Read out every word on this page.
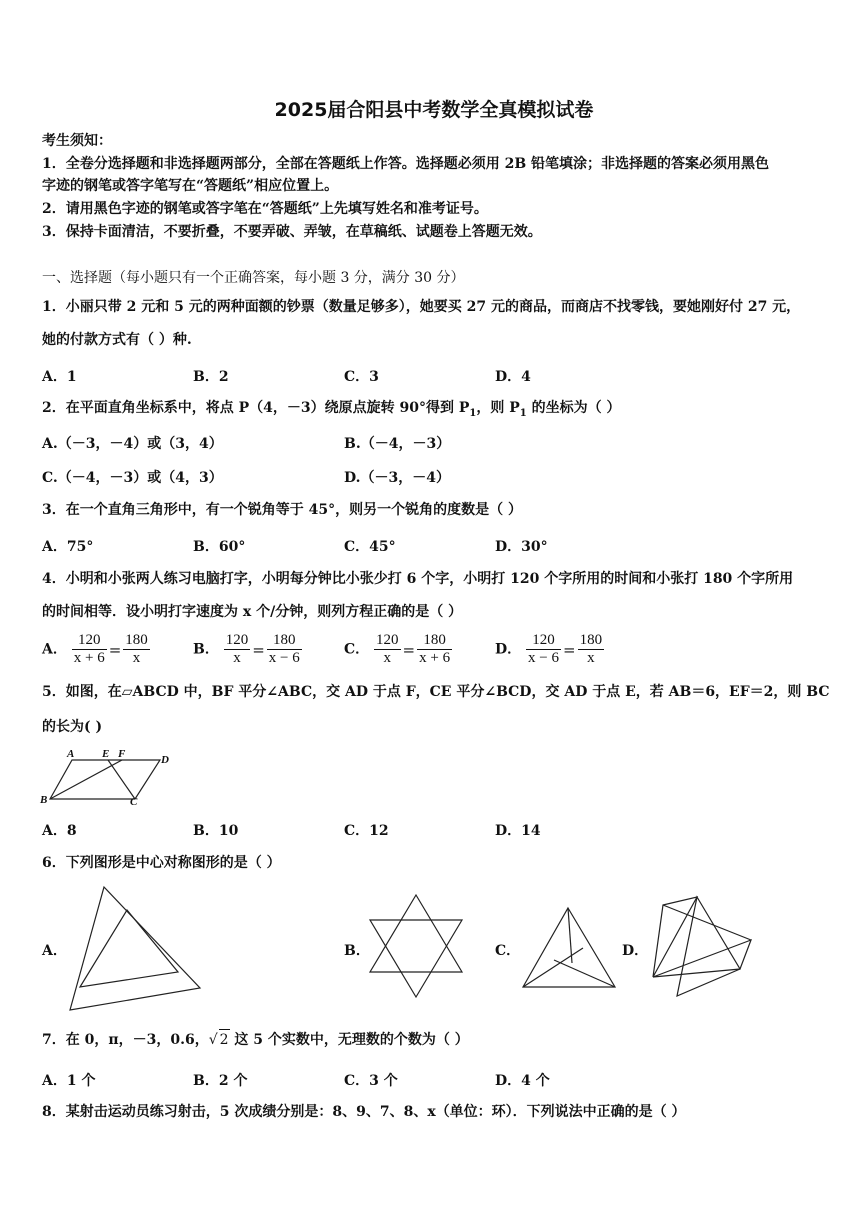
2025届合阳县中考数学全真模拟试卷
考生须知：
1．全卷分选择题和非选择题两部分，全部在答题纸上作答。选择题必须用 2B 铅笔填涂；非选择题的答案必须用黑色
字迹的钢笔或答字笔写在“答题纸”相应位置上。
2．请用黑色字迹的钢笔或答字笔在“答题纸”上先填写姓名和准考证号。
3．保持卡面清洁，不要折叠，不要弄破、弄皱，在草稿纸、试题卷上答题无效。
一、选择题（每小题只有一个正确答案，每小题 3 分，满分 30 分）
1．小丽只带 2 元和 5 元的两种面额的钞票（数量足够多），她要买 27 元的商品，而商店不找零钱，要她刚好付 27 元，
她的付款方式有（ ）种.
A．1	B．2	C．3	D．4
2．在平面直角坐标系中，将点 P（4，－3）绕原点旋转 90°得到 $P_1$，则 $P_1$ 的坐标为（ ）
A.（－3，－4）或（3，4）	B.（－4，－3）
C.（－4，－3）或（4，3）	D.（－3，－4）
3．在一个直角三角形中，有一个锐角等于 45°，则另一个锐角的度数是（ ）
A．75°	B．60°	C．45°	D．30°
4．小明和小张两人练习电脑打字，小明每分钟比小张少打 6 个字，小明打 120 个字所用的时间和小张打 180 个字所用
的时间相等．设小明打字速度为 x 个/分钟，则列方程正确的是（ ）
A． $\frac{120}{x + 6} = \frac{180}{x}$	B． $\frac{120}{x} = \frac{180}{x - 6}$	C． $\frac{120}{x} = \frac{180}{x + 6}$	D． $\frac{120}{x - 6} = \frac{180}{x}$
5．如图，在▱ABCD 中，BF 平分∠ABC，交 AD 于点 F，CE 平分∠BCD，交 AD 于点 E，若 AB＝6，EF＝2，则 BC
的长为( )
A	E F	D
B	C
A．8	B．10	C．12	D．14
6．下列图形是中心对称图形的是（ ）
A．	B．	C．	D．
7．在 0，π，－3，0.6，√ 2 这 5 个实数中，无理数的个数为（ ）
A．1 个	B．2 个	C．3 个	D．4 个
8．某射击运动员练习射击，5 次成绩分别是：8、9、7、8、x（单位：环）．下列说法中正确的是（ ）
